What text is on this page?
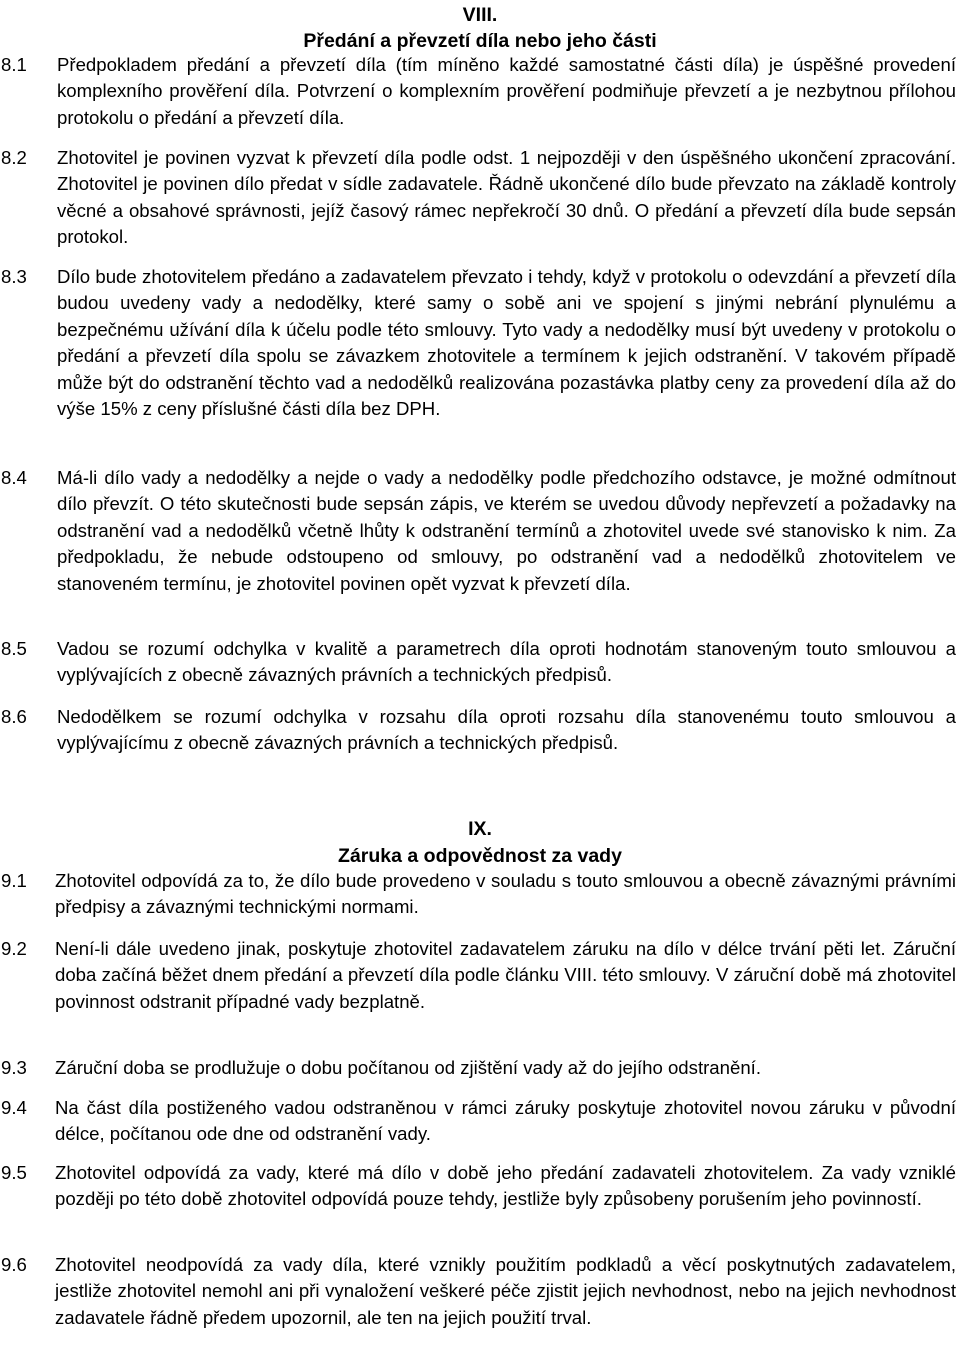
VIII.
Předání a převzetí díla nebo jeho části
8.1	Předpokladem předání a převzetí díla (tím míněno každé samostatné části díla) je úspěšné provedení komplexního prověření díla. Potvrzení o komplexním prověření podmiňuje převzetí a je nezbytnou přílohou protokolu o předání a převzetí díla.
8.2	Zhotovitel je povinen vyzvat k převzetí díla podle odst. 1 nejpozději v den úspěšného ukončení zpracování. Zhotovitel je povinen dílo předat v sídle zadavatele. Řádně ukončené dílo bude převzato na základě kontroly věcné a obsahové správnosti, jejíž časový rámec nepřekročí 30 dnů. O předání a převzetí díla bude sepsán protokol.
8.3	Dílo bude zhotovitelem předáno a zadavatelem převzato i tehdy, když v protokolu o odevzdání a převzetí díla budou uvedeny vady a nedodělky, které samy o sobě ani ve spojení s jinými nebrání plynulému a bezpečnému užívání díla k účelu podle této smlouvy. Tyto vady a nedodělky musí být uvedeny v protokolu o předání a převzetí díla spolu se závazkem zhotovitele a termínem k jejich odstranění. V takovém případě může být do odstranění těchto vad a nedodělků realizována pozastávka platby ceny za provedení díla až do výše 15% z ceny příslušné části díla bez DPH.
8.4	Má-li dílo vady a nedodělky a nejde o vady a nedodělky podle předchozího odstavce, je možné odmítnout dílo převzít. O této skutečnosti bude sepsán zápis, ve kterém se uvedou důvody nepřevzetí a požadavky na odstranění vad a nedodělků včetně lhůty k odstranění termínů a zhotovitel uvede své stanovisko k nim. Za předpokladu, že nebude odstoupeno od smlouvy, po odstranění vad a nedodělků zhotovitelem ve stanoveném termínu, je zhotovitel povinen opět vyzvat k převzetí díla.
8.5	Vadou se rozumí odchylka v kvalitě a parametrech díla oproti hodnotám stanoveným touto smlouvou a vyplývajících z obecně závazných právních a technických předpisů.
8.6	Nedodělkem se rozumí odchylka v rozsahu díla oproti rozsahu díla stanovenému touto smlouvou a vyplývajícímu z obecně závazných právních a technických předpisů.
IX.
Záruka a odpovědnost za vady
9.1	Zhotovitel odpovídá za to, že dílo bude provedeno v souladu s touto smlouvou a obecně závaznými právními předpisy a závaznými technickými normami.
9.2	Není-li dále uvedeno jinak, poskytuje zhotovitel zadavatelem záruku na dílo v délce trvání pěti let. Záruční doba začíná běžet dnem předání a převzetí díla podle článku VIII. této smlouvy. V záruční době má zhotovitel povinnost odstranit případné vady bezplatně.
9.3	Záruční doba se prodlužuje o dobu počítanou od zjištění vady až do jejího odstranění.
9.4	Na část díla postiženého vadou odstraněnou v rámci záruky poskytuje zhotovitel novou záruku v původní délce, počítanou ode dne od odstranění vady.
9.5	Zhotovitel odpovídá za vady, které má dílo v době jeho předání zadavateli zhotovitelem. Za vady vzniklé později po této době zhotovitel odpovídá pouze tehdy, jestliže byly způsobeny porušením jeho povinností.
9.6	Zhotovitel neodpovídá za vady díla, které vznikly použitím podkladů a věcí poskytnutých zadavatelem, jestliže zhotovitel nemohl ani při vynaložení veškeré péče zjistit jejich nevhodnost, nebo na jejich nevhodnost zadavatele řádně předem upozornil, ale ten na jejich použití trval.
